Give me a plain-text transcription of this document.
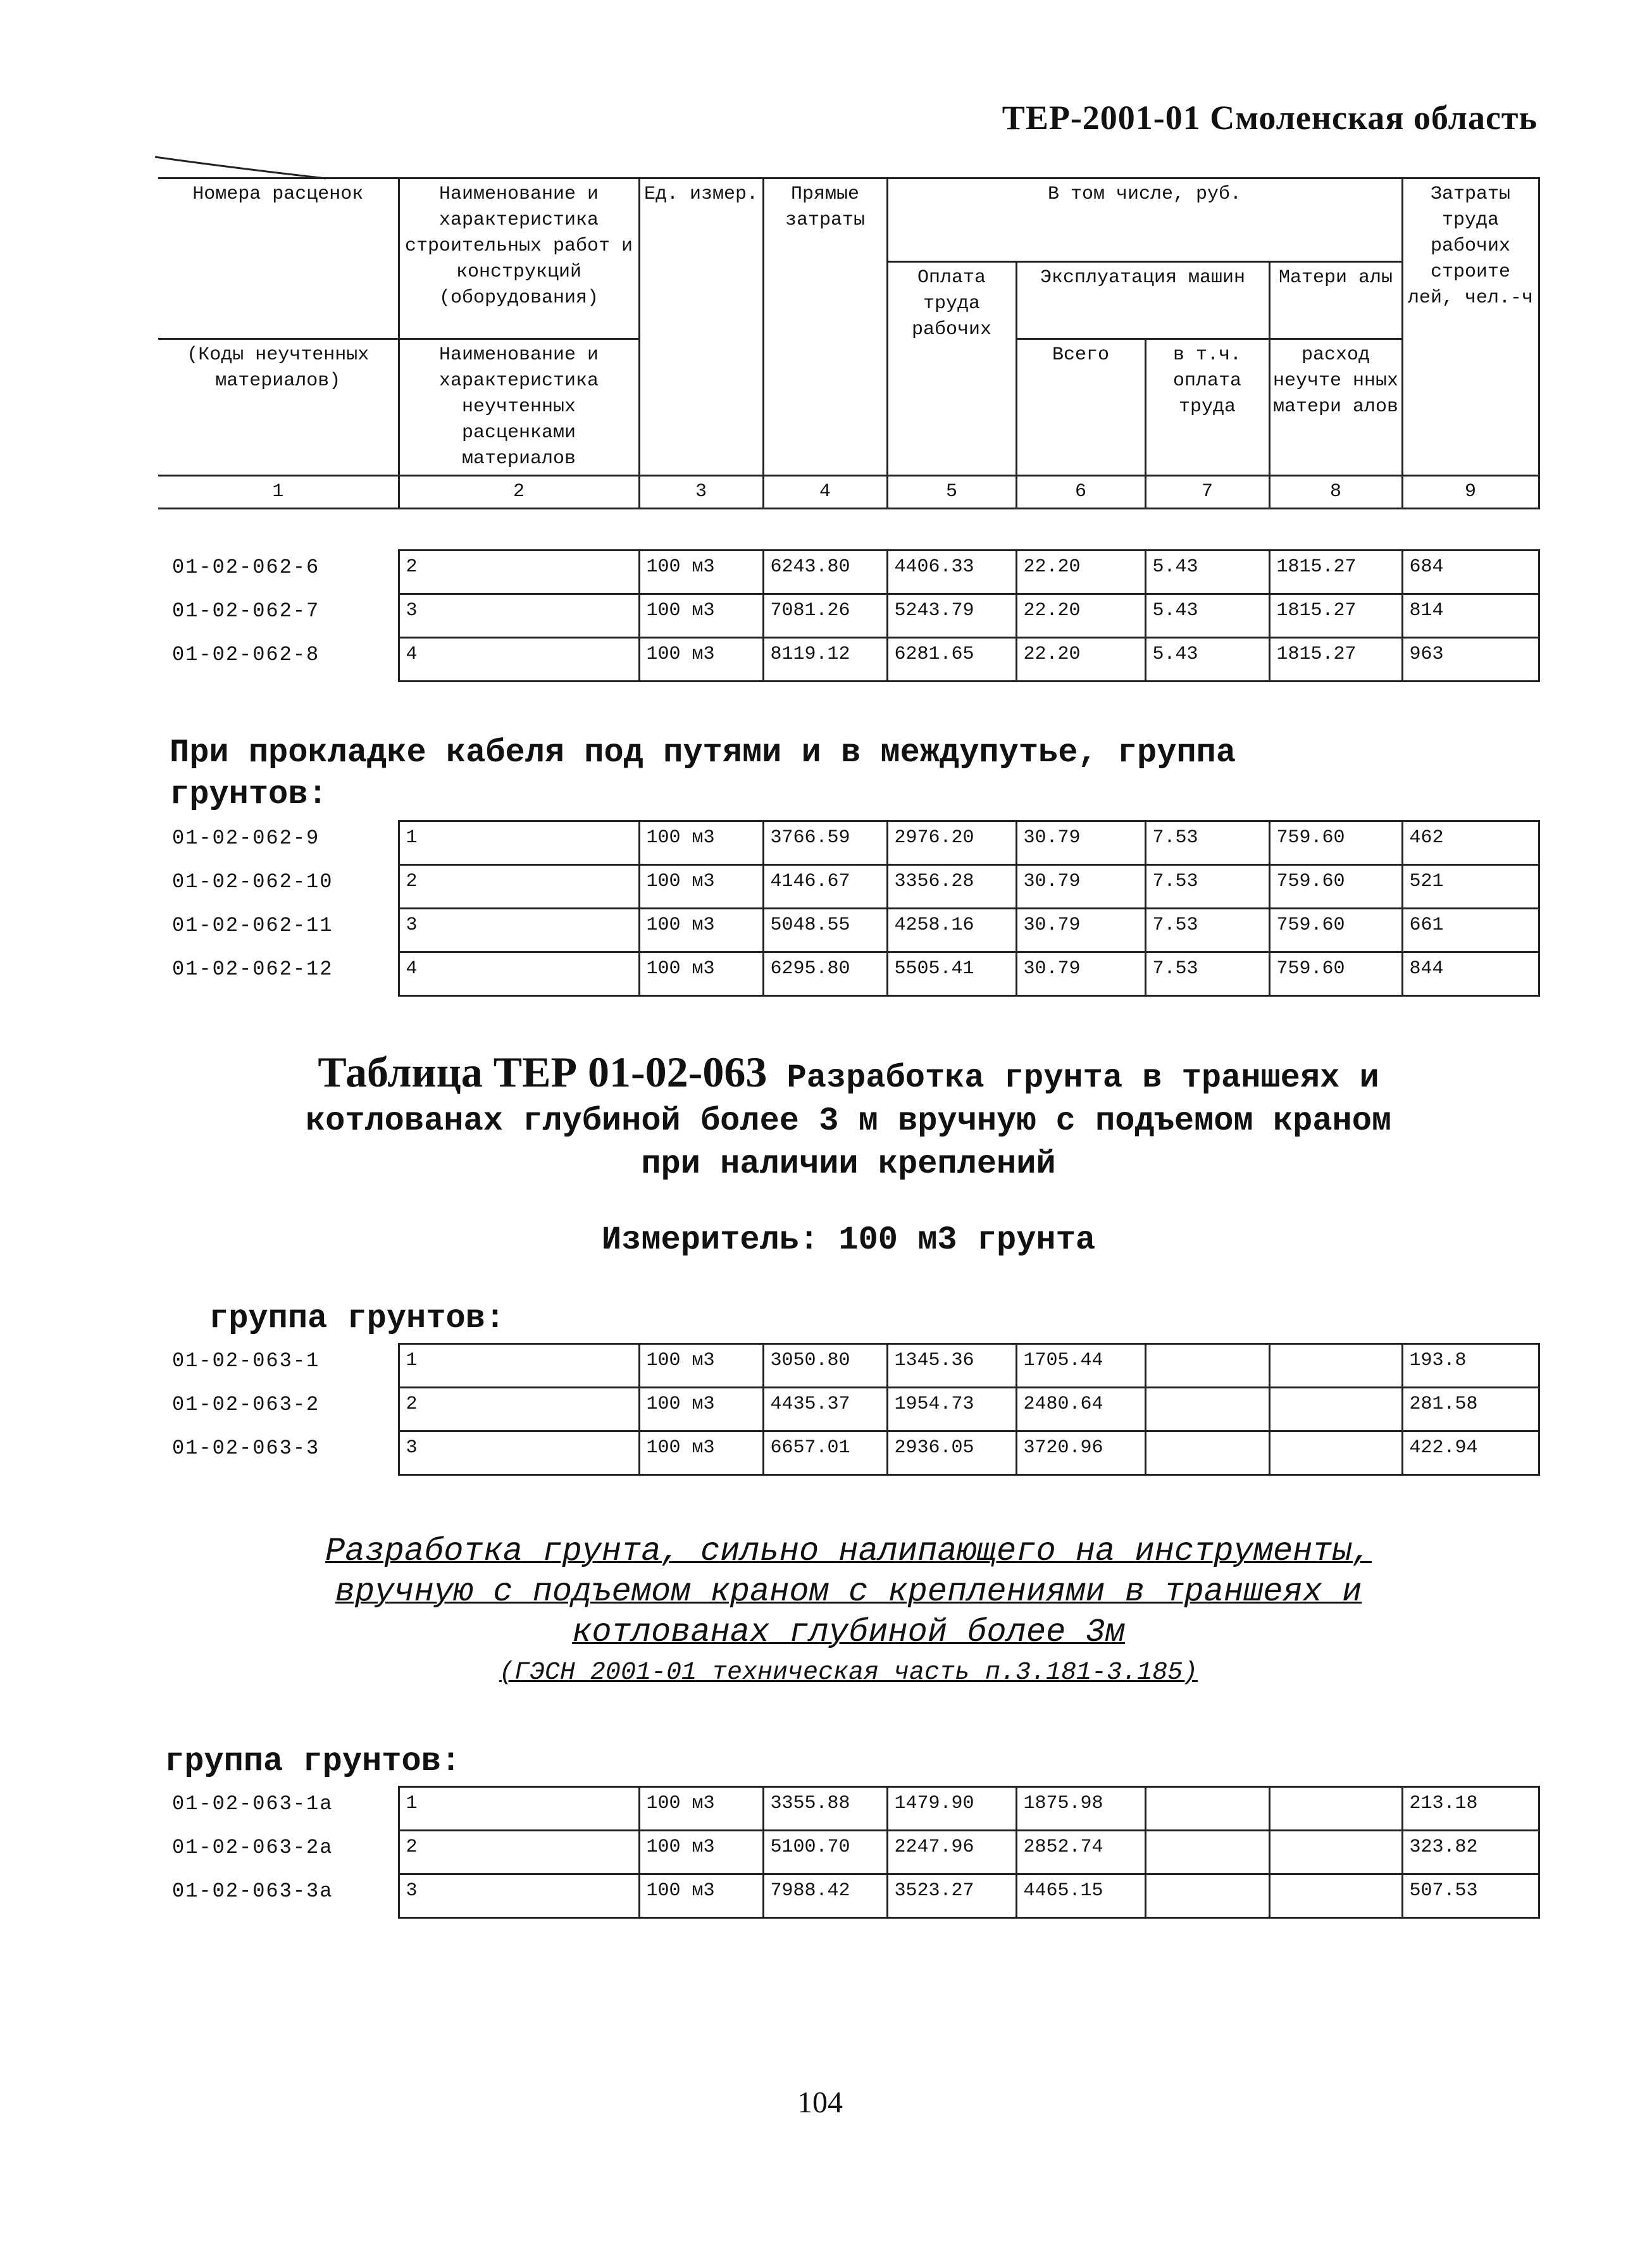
ТЕР-2001-01 Смоленская область
Номера расценок	Наименование и характеристика строительных работ и конструкций (оборудования)	Ед. измер.	Прямые затраты	В том числе, руб.				Затраты труда рабочих строите лей, чел.-ч
				Оплата труда рабочих	Эксплуатация машин		Матери алы	
(Коды неучтенных материалов)	Наименование и характеристика неучтенных расценками материалов				Всего	в т.ч. оплата труда	расход неучте нных матери алов	
1	2	3	4	5	6	7	8	9
01-02-062-6	2	100 м3	6243.80	4406.33	22.20	5.43	1815.27	684
01-02-062-7	3	100 м3	7081.26	5243.79	22.20	5.43	1815.27	814
01-02-062-8	4	100 м3	8119.12	6281.65	22.20	5.43	1815.27	963
При прокладке кабеля под путями и в междупутье, группа
грунтов:
01-02-062-9	1	100 м3	3766.59	2976.20	30.79	7.53	759.60	462
01-02-062-10	2	100 м3	4146.67	3356.28	30.79	7.53	759.60	521
01-02-062-11	3	100 м3	5048.55	4258.16	30.79	7.53	759.60	661
01-02-062-12	4	100 м3	6295.80	5505.41	30.79	7.53	759.60	844
Таблица ТЕР 01-02-063 Разработка грунта в траншеях и
котлованах глубиной более 3 м вручную с подъемом краном
при наличии креплений
Измеритель: 100 м3 грунта
группа грунтов:
01-02-063-1	1	100 м3	3050.80	1345.36	1705.44			193.8
01-02-063-2	2	100 м3	4435.37	1954.73	2480.64			281.58
01-02-063-3	3	100 м3	6657.01	2936.05	3720.96			422.94
Разработка грунта, сильно налипающего на инструменты,
вручную с подъемом краном с креплениями в траншеях и
котлованах глубиной более 3м
(ГЭСН 2001-01 техническая часть п.3.181-3.185)
группа грунтов:
01-02-063-1а	1	100 м3	3355.88	1479.90	1875.98			213.18
01-02-063-2а	2	100 м3	5100.70	2247.96	2852.74			323.82
01-02-063-3а	3	100 м3	7988.42	3523.27	4465.15			507.53
104
